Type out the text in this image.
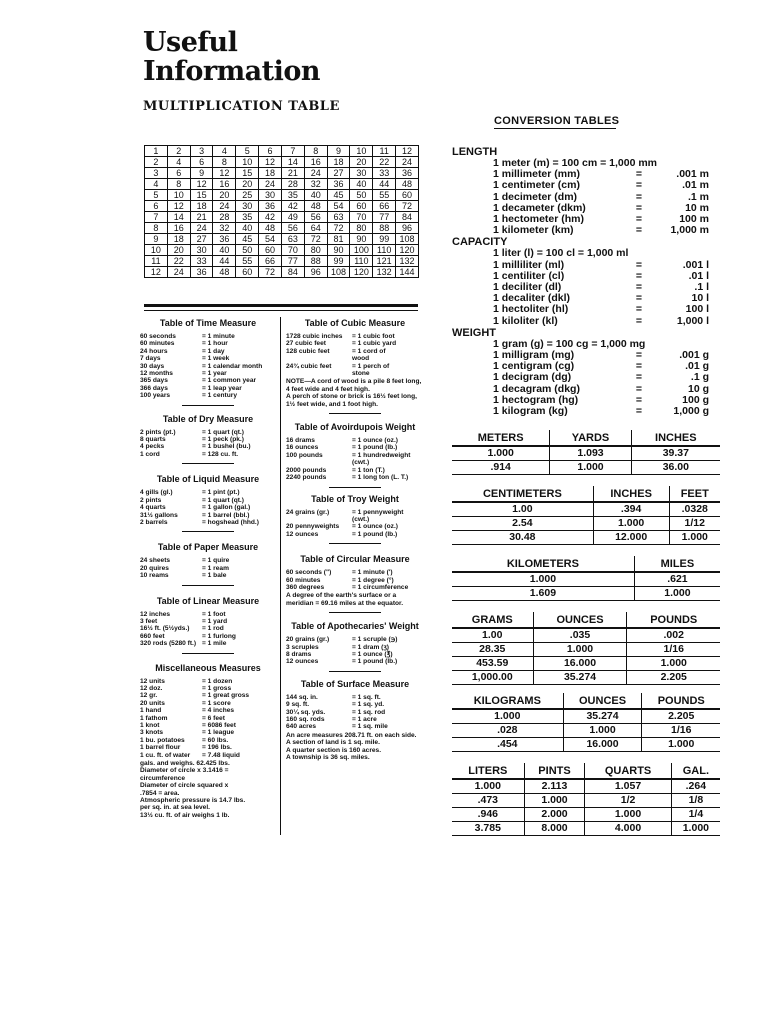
Useful
Information
MULTIPLICATION TABLE
1	2	3	4	5	6	7	8	9	10	11	12
2	4	6	8	10	12	14	16	18	20	22	24
3	6	9	12	15	18	21	24	27	30	33	36
4	8	12	16	20	24	28	32	36	40	44	48
5	10	15	20	25	30	35	40	45	50	55	60
6	12	18	24	30	36	42	48	54	60	66	72
7	14	21	28	35	42	49	56	63	70	77	84
8	16	24	32	40	48	56	64	72	80	88	96
9	18	27	36	45	54	63	72	81	90	99	108
10	20	30	40	50	60	70	80	90	100	110	120
11	22	33	44	55	66	77	88	99	110	121	132
12	24	36	48	60	72	84	96	108	120	132	144
Table of Time Measure
60 seconds	= 1 minute
60 minutes	= 1 hour
24 hours	= 1 day
7 days	= 1 week
30 days	= 1 calendar month
12 months	= 1 year
365 days	= 1 common year
366 days	= 1 leap year
100 years	= 1 century
Table of Dry Measure
2 pints (pt.)	= 1 quart (qt.)
8 quarts	= 1 peck (pk.)
4 pecks	= 1 bushel (bu.)
1 cord	= 128 cu. ft.
Table of Liquid Measure
4 gills (gl.)	= 1 pint (pt.)
2 pints	= 1 quart (qt.)
4 quarts	= 1 gallon (gal.)
31½ gallons	= 1 barrel (bbl.)
2 barrels	= hogshead (hhd.)
Table of Paper Measure
24 sheets	= 1 quire
20 quires	= 1 ream
10 reams	= 1 bale
Table of Linear Measure
12 inches	= 1 foot
3 feet	= 1 yard
16½ ft. (5½yds.)	= 1 rod
660 feet	= 1 furlong
320 rods (5280 ft.) = 1 mile
Miscellaneous Measures
12 units	= 1 dozen
12 doz.	= 1 gross
12 gr.	= 1 great gross
20 units	= 1 score
1 hand	= 4 inches
1 fathom	= 6 feet
1 knot	= 6086 feet
3 knots	= 1 league
1 bu. potatoes	= 60 lbs.
1 barrel flour	= 196 lbs.
1 cu. ft. of water	= 7.48 liquid
gals. and weighs. 62.425 lbs.
Diameter of circle x 3.1416 =
circumference
Diameter of circle squared x
.7854 = area.
Atmospheric pressure is 14.7 lbs.
per sq. in. at sea level.
13½ cu. ft. of air weighs 1 lb.
Table of Cubic Measure
1728 cubic inches	= 1 cubic foot
27 cubic feet	= 1 cubic yard
128 cubic feet	= 1 cord of
wood
24¾ cubic feet	= 1 perch of
stone
NOTE—A cord of wood is a pile 8 feet long, 4 feet wide and 4 feet high.
A perch of stone or brick is 16½ feet long, 1½ feet wide, and 1 foot high.
Table of Avoirdupois Weight
16 drams	= 1 ounce (oz.)
16 ounces	= 1 pound (lb.)
100 pounds	= 1 hundredweight
(cwt.)
2000 pounds	= 1 ton (T.)
2240 pounds	= 1 long ton (L. T.)
Table of Troy Weight
24 grains (gr.)	= 1 pennyweight
(cwt.)
20 pennyweights	= 1 ounce (oz.)
12 ounces	= 1 pound (lb.)
Table of Circular Measure
60 seconds (")	= 1 minute (')
60 minutes	= 1 degree (°)
360 degrees	= 1 circumference
A degree of the earth's surface or a meridian = 69.16 miles at the equator.
Table of Apothecaries' Weight
20 grains (gr.)	= 1 scruple (℈)
3 scruples	= 1 dram (ʒ)
8 drams	= 1 ounce (℥)
12 ounces	= 1 pound (lb.)
Table of Surface Measure
144 sq. in.	= 1 sq. ft.
9 sq. ft.	= 1 sq. yd.
30¼ sq. yds.	= 1 sq. rod
160 sq. rods	= 1 acre
640 acres	= 1 sq. mile
An acre measures 208.71 ft. on each side.
A section of land is 1 sq. mile.
A quarter section is 160 acres.
A township is 36 sq. miles.
CONVERSION TABLES
LENGTH
1 meter (m) = 100 cm = 1,000 mm
1 millimeter (mm)	=	.001 m
1 centimeter (cm)	=	.01 m
1 decimeter (dm)	=	.1 m
1 decameter (dkm)	=	10 m
1 hectometer (hm)	=	100 m
1 kilometer (km)	=	1,000 m
CAPACITY
1 liter (l) = 100 cl = 1,000 ml
1 milliliter (ml)	=	.001 l
1 centiliter (cl)	=	.01 l
1 deciliter (dl)	=	.1 l
1 decaliter (dkl)	=	10 l
1 hectoliter (hl)	=	100 l
1 kiloliter (kl)	=	1,000 l
WEIGHT
1 gram (g) = 100 cg = 1,000 mg
1 milligram (mg)	=	.001 g
1 centigram (cg)	=	.01 g
1 decigram (dg)	=	.1 g
1 decagram (dkg)	=	10 g
1 hectogram (hg)	=	100 g
1 kilogram (kg)	=	1,000 g
METERS	YARDS	INCHES
1.000	1.093	39.37
.914	1.000	36.00
CENTIMETERS	INCHES	FEET
1.00	.394	.0328
2.54	1.000	1/12
30.48	12.000	1.000
KILOMETERS	MILES
1.000	.621
1.609	1.000
GRAMS	OUNCES	POUNDS
1.00	.035	.002
28.35	1.000	1/16
453.59	16.000	1.000
1,000.00	35.274	2.205
KILOGRAMS	OUNCES	POUNDS
1.000	35.274	2.205
.028	1.000	1/16
.454	16.000	1.000
LITERS	PINTS	QUARTS	GAL.
1.000	2.113	1.057	.264
.473	1.000	1/2	1/8
.946	2.000	1.000	1/4
3.785	8.000	4.000	1.000
